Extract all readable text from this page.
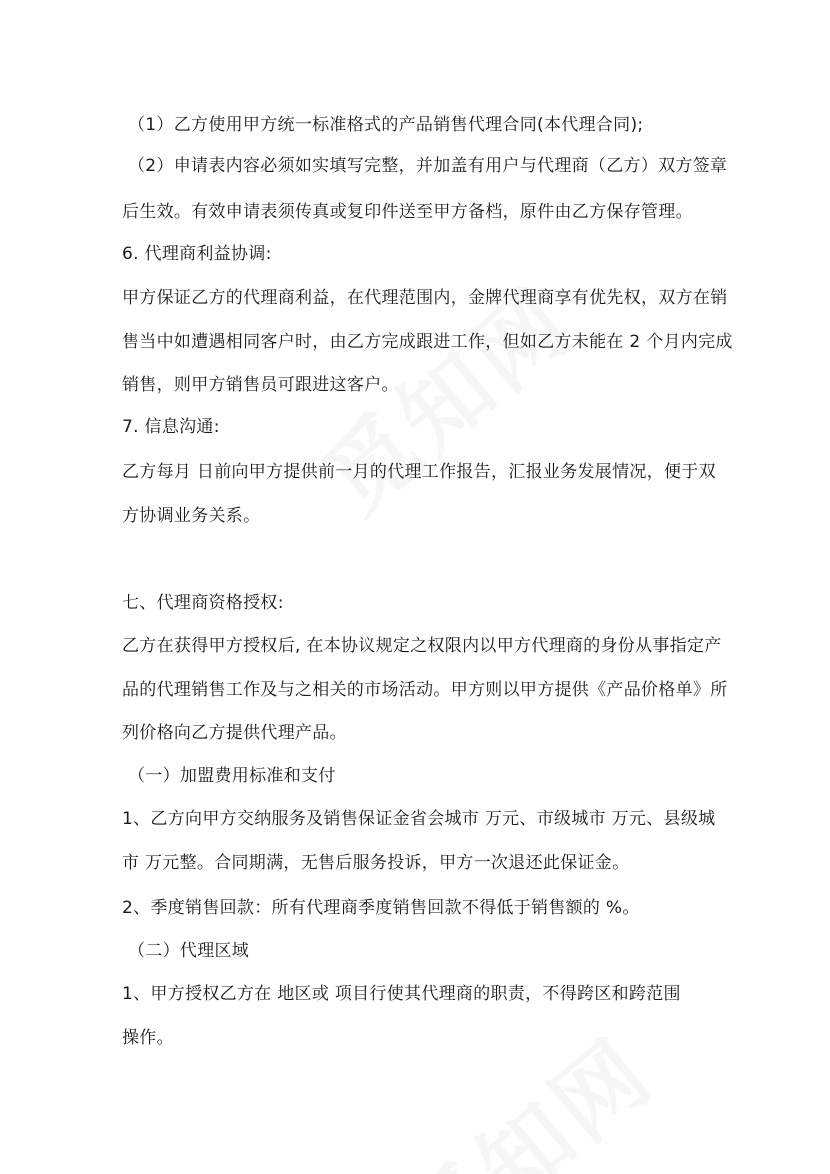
（1）乙方使用甲方统一标准格式的产品销售代理合同(本代理合同);
（2）申请表内容必须如实填写完整，并加盖有用户与代理商（乙方）双方签章
后生效。有效申请表须传真或复印件送至甲方备档，原件由乙方保存管理。
6. 代理商利益协调:
甲方保证乙方的代理商利益，在代理范围内，金牌代理商享有优先权，双方在销
售当中如遭遇相同客户时，由乙方完成跟进工作，但如乙方未能在 2 个月内完成
销售，则甲方销售员可跟进这客户。
7. 信息沟通:
乙方每月 日前向甲方提供前一月的代理工作报告，汇报业务发展情况，便于双
方协调业务关系。
七、代理商资格授权:
乙方在获得甲方授权后, 在本协议规定之权限内以甲方代理商的身份从事指定产
品的代理销售工作及与之相关的市场活动。甲方则以甲方提供《产品价格单》所
列价格向乙方提供代理产品。
（一）加盟费用标准和支付
1、乙方向甲方交纳服务及销售保证金省会城市 万元、市级城市 万元、县级城
市 万元整。合同期满，无售后服务投诉，甲方一次退还此保证金。
2、季度销售回款：所有代理商季度销售回款不得低于销售额的 %。
（二）代理区域
1、甲方授权乙方在 地区或 项目行使其代理商的职责，不得跨区和跨范围
操作。
